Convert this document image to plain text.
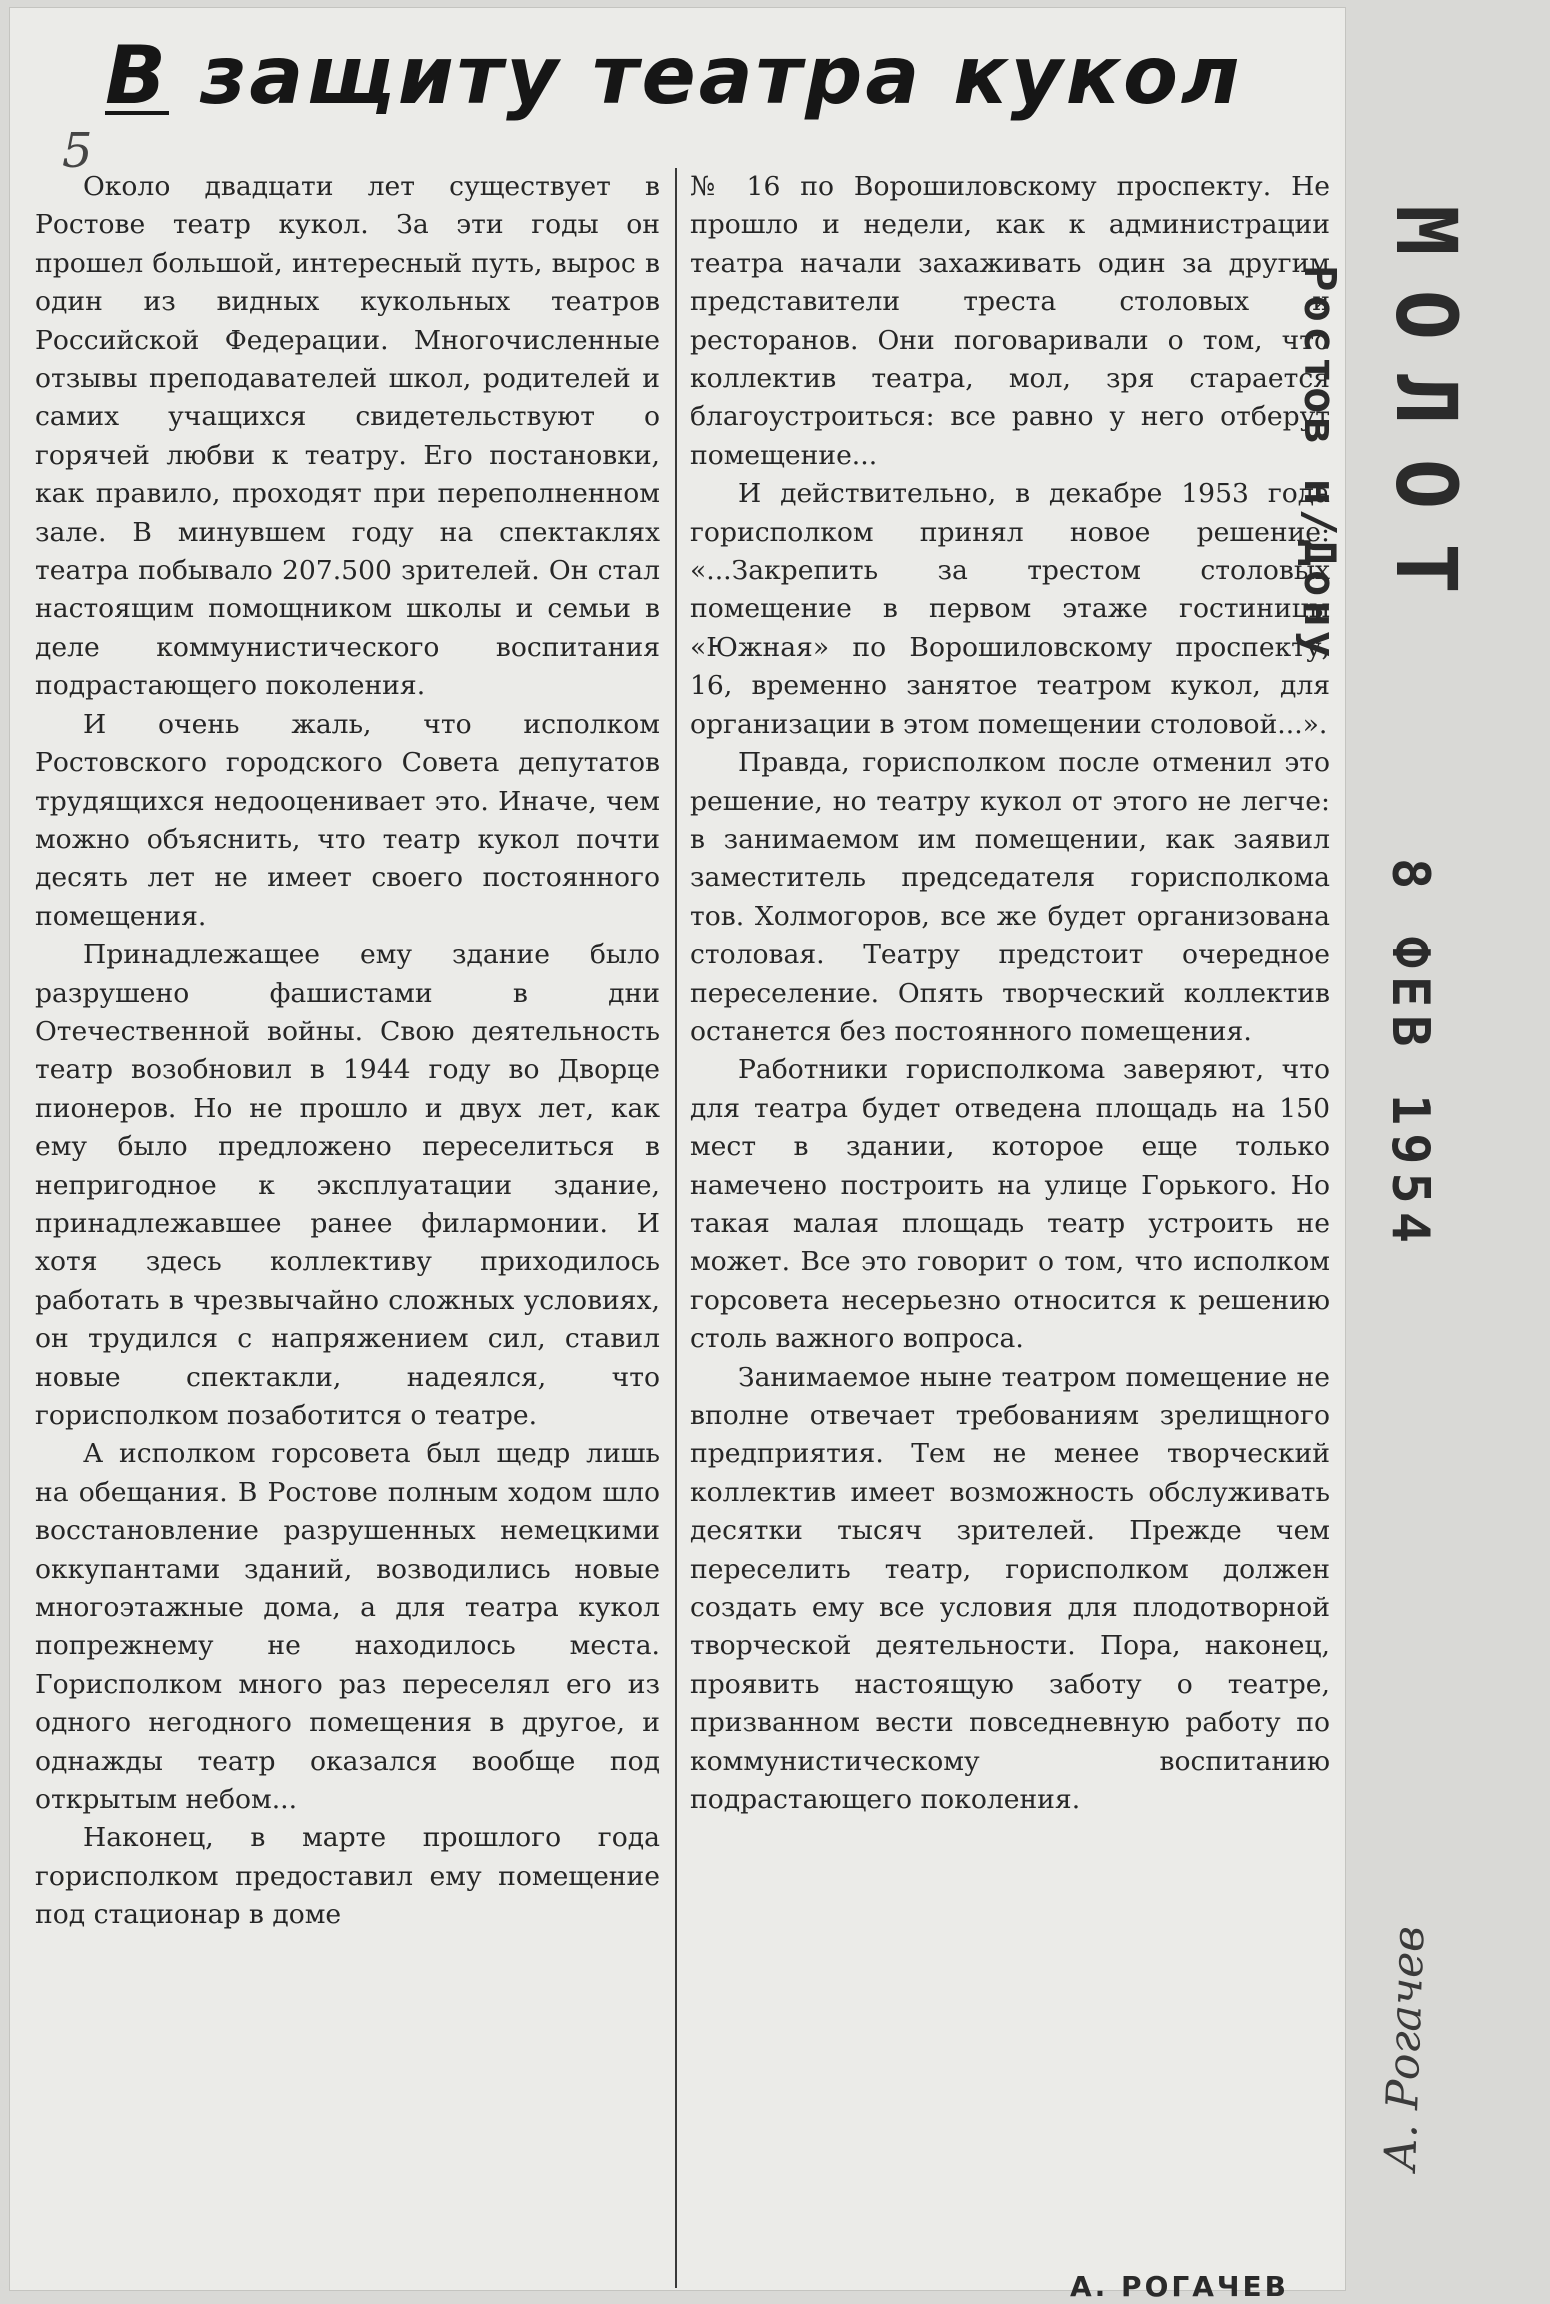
В защиту театра кукол
5

Около двадцати лет существует в Ростове театр кукол. За эти годы он прошел большой, интересный путь, вырос в один из видных кукольных театров Российской Федерации. Многочисленные отзывы преподавателей школ, родителей и самих учащихся свидетельствуют о горячей любви к театру. Его постановки, как правило, проходят при переполненном зале. В минувшем году на спектаклях театра побывало 207.500 зрителей. Он стал настоящим помощником школы и семьи в деле коммунистического воспитания подрастающего поколения.

И очень жаль, что исполком Ростовского городского Совета депутатов трудящихся недооценивает это. Иначе, чем можно объяснить, что театр кукол почти десять лет не имеет своего постоянного помещения.

Принадлежащее ему здание было разрушено фашистами в дни Отечественной войны. Свою деятельность театр возобновил в 1944 году во Дворце пионеров. Но не прошло и двух лет, как ему было предложено переселиться в непригодное к эксплуатации здание, принадлежавшее ранее филармонии. И хотя здесь коллективу приходилось работать в чрезвычайно сложных условиях, он трудился с напряжением сил, ставил новые спектакли, надеялся, что горисполком позаботится о театре.

А исполком горсовета был щедр лишь на обещания. В Ростове полным ходом шло восстановление разрушенных немецкими оккупантами зданий, возводились новые многоэтажные дома, а для театра кукол попрежнему не находилось места. Горисполком много раз переселял его из одного негодного помещения в другое, и однажды театр оказался вообще под открытым небом...

Наконец, в марте прошлого года горисполком предоставил ему помещение под стационар в доме

№ 16 по Ворошиловскому проспекту. Не прошло и недели, как к администрации театра начали захаживать один за другим представители треста столовых и ресторанов. Они поговаривали о том, что коллектив театра, мол, зря старается благоустроиться: все равно у него отберут помещение...

И действительно, в декабре 1953 года горисполком принял новое решение: «...Закрепить за трестом столовых помещение в первом этаже гостиницы «Южная» по Ворошиловскому проспекту, 16, временно занятое театром кукол, для организации в этом помещении столовой...».

Правда, горисполком после отменил это решение, но театру кукол от этого не легче: в занимаемом им помещении, как заявил заместитель председателя горисполкома тов. Холмогоров, все же будет организована столовая. Театру предстоит очередное переселение. Опять творческий коллектив останется без постоянного помещения.

Работники горисполкома заверяют, что для театра будет отведена площадь на 150 мест в здании, которое еще только намечено построить на улице Горького. Но такая малая площадь театр устроить не может. Все это говорит о том, что исполком горсовета несерьезно относится к решению столь важного вопроса.

Занимаемое ныне театром помещение не вполне отвечает требованиям зрелищного предприятия. Тем не менее творческий коллектив имеет возможность обслуживать десятки тысяч зрителей. Прежде чем переселить театр, горисполком должен создать ему все условия для плодотворной творческой деятельности. Пора, наконец, проявить настоящую заботу о театре, призванном вести повседневную работу по коммунистическому воспитанию подрастающего поколения.

А. РОГАЧЕВ
МОЛОТ
Ростов н/Дону
8 ФЕВ 1954
А. Рогачев
